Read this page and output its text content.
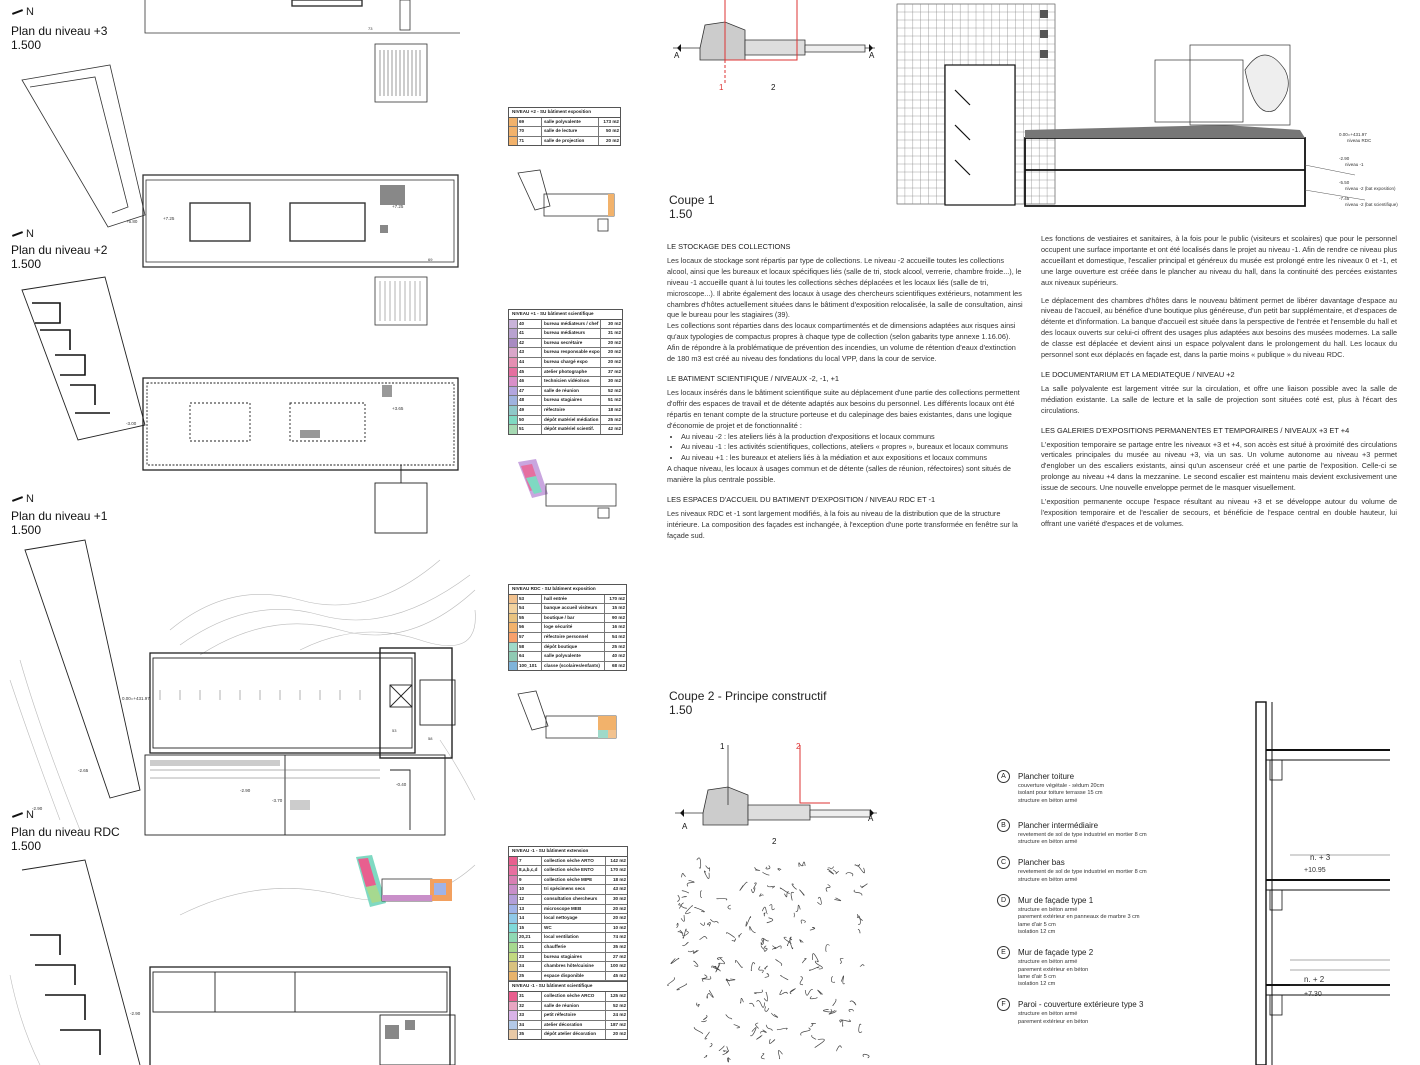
N
Plan du niveau +3
1.500
73
+7.25
+7.25
+5.80
69
N
Plan du niveau +2
1.500
+3.65
-3.00
N
Plan du niveau +1
1.500
0.00=+431.97
-2.65
-2.90
-2.90
-3.70
-0.40
53
58
N
Plan du niveau RDC
1.500
-2.90
NIVEAU +2 - SU bâtiment exposition
69	salle polyvalente	173 m2
70	salle de lecture	50 m2
71	salle de projection	20 m2
NIVEAU +1 - SU bâtiment scientifique
40	bureau médiateurs / chef	30 m2
41	bureau médiateurs	31 m2
42	bureau secrétaire	20 m2
43	bureau responsable expo	20 m2
44	bureau chargé expo	20 m2
45	atelier photographe	37 m2
46	technicien vidéo/son	30 m2
47	salle de réunion	52 m2
48	bureau stagiaires	51 m2
49	réfectoire	18 m2
50	dépôt matériel médiation	25 m2
51	dépôt matériel scientif.	42 m2
NIVEAU RDC - SU bâtiment exposition
53	hall entrée	170 m2
54	banque accueil visiteurs	15 m2
55	boutique / bar	90 m2
56	loge sécurité	16 m2
57	réfectoire personnel	54 m2
58	dépôt boutique	25 m2
64	salle polyvalente	40 m2
100_101	classe (scolaires/enfants)	68 m2
NIVEAU -1 - SU bâtiment extension
7	collection sèche ARTO	142 m2
8,a,b,c,d	collection sèche ENTO	170 m2
9	collection sèche MIPE	18 m2
10	tri spécimens secs	43 m2
12	consultation chercheurs	30 m2
13	microscope MEB	20 m2
14	local nettoyage	20 m2
15	WC	10 m2
20,21	local ventilation	74 m2
21	chaufferie	35 m2
23	bureau stagiaires	27 m2
24	chambres hôte/cuisine	100 m2
25	espace disponible	45 m2
NIVEAU -1 - SU bâtiment scientifique
31	collection sèche ARCO	125 m2
32	salle de réunion	52 m2
33	petit réfectoire	24 m2
34	atelier décoration	187 m2
35	dépôt atelier décoration	20 m2
A	A
1	2
0.00=+431.97
niveau RDC
-2.90
niveau -1
-5.50
niveau -2 (bat exposition)
-7.45
niveau -2 (bat scientifique)
Coupe 1
1.50
LE STOCKAGE DES COLLECTIONS

Les locaux de stockage sont répartis par type de collections. Le niveau -2 accueille toutes les collections alcool, ainsi que les bureaux et locaux spécifiques liés (salle de tri, stock alcool, verrerie, chambre froide...), le niveau -1 accueille quant à lui toutes les collections sèches déplacées et les locaux liés (salle de tri, microscope...). Il abrite également des locaux à usage des chercheurs scientifiques extérieurs, notamment les chambres d'hôtes actuellement situées dans le bâtiment d'exposition relocalisée, la salle de consultation, ainsi que le bureau pour les stagiaires (39).

Les collections sont réparties dans des locaux compartimentés et de dimensions adaptées aux risques ainsi qu'aux typologies de compactus propres à chaque type de collection (selon gabarits type annexe 1.16.06). Afin de répondre à la problématique de prévention des incendies, un volume de rétention d'eaux d'extinction de 180 m3 est créé au niveau des fondations du local VPP, dans la cour de service.

LE BATIMENT SCIENTIFIQUE / NIVEAUX -2, -1, +1

Les locaux insérés dans le bâtiment scientifique suite au déplacement d'une partie des collections permettent d'offrir des espaces de travail et de détente adaptés aux besoins du personnel. Les différents locaux ont été répartis en tenant compte de la structure porteuse et du calepinage des baies existantes, dans une logique d'économie de projet et de fonctionnalité :

• Au niveau -2 : les ateliers liés à la production d'expositions et locaux communs
• Au niveau -1 : les activités scientifiques, collections, ateliers « propres », bureaux et locaux communs
• Au niveau +1 : les bureaux et ateliers liés à la médiation et aux expositions et locaux communs

A chaque niveau, les locaux à usages commun et de détente (salles de réunion, réfectoires) sont situés de manière la plus centrale possible.

LES ESPACES D'ACCUEIL DU BATIMENT D'EXPOSITION / NIVEAU RDC ET -1

Les niveaux RDC et -1 sont largement modifiés, à la fois au niveau de la distribution que de la structure intérieure. La composition des façades est inchangée, à l'exception d'une porte transformée en fenêtre sur la façade sud.

Les fonctions de vestiaires et sanitaires, à la fois pour le public (visiteurs et scolaires) que pour le personnel occupent une surface importante et ont été localisés dans le projet au niveau -1. Afin de rendre ce niveau plus accueillant et domestique, l'escalier principal et généreux du musée est prolongé entre les niveaux 0 et -1, et une large ouverture est créée dans le plancher au niveau du hall, dans la continuité des percées existantes aux niveaux supérieurs.

Le déplacement des chambres d'hôtes dans le nouveau bâtiment permet de libérer davantage d'espace au niveau de l'accueil, au bénéfice d'une boutique plus généreuse, d'un petit bar supplémentaire, et d'espaces de détente et d'information. La banque d'accueil est située dans la perspective de l'entrée et l'ensemble du hall et des locaux ouverts sur celui-ci offrent des usages plus adaptées aux besoins des musées modernes. La salle de classe est déplacée et devient ainsi un espace polyvalent dans le prolongement du hall. Les locaux du personnel sont eux déplacés en façade est, dans la partie moins « publique » du niveau RDC.

LE DOCUMENTARIUM ET LA MEDIATEQUE / NIVEAU +2

La salle polyvalente est largement vitrée sur la circulation, et offre une liaison possible avec la salle de médiation existante. La salle de lecture et la salle de projection sont situées coté est, plus à l'écart des circulations.

LES GALERIES D'EXPOSITIONS PERMANENTES ET TEMPORAIRES / NIVEAUX +3 ET +4

L'exposition temporaire se partage entre les niveaux +3 et +4, son accès est situé à proximité des circulations verticales principales du musée au niveau +3, via un sas. Un volume autonome au niveau +3 permet d'englober un des escaliers existants, ainsi qu'un ascenseur créé et une partie de l'exposition. Celle-ci se prolonge au niveau +4 dans la mezzanine. Le second escalier est maintenu mais devient exclusivement une issue de secours. Une nouvelle enveloppe permet de le masquer visuellement.

L'exposition permanente occupe l'espace résultant au niveau +3 et se développe autour du volume de l'exposition temporaire et de l'escalier de secours, et bénéficie de l'espace central en double hauteur, lui offrant une variété d'espaces et de volumes.

Coupe 2 - Principe constructif
1.50
A
A
1	2
2
A	Plancher toiture
couverture végétale - sédum 20cm
isolant pour toiture terrasse 15 cm
structure en béton armé
B	Plancher intermédiaire
revetement de sol de type industriel en mortier 8 cm
structure en béton armé
C	Plancher bas
revetement de sol de type industriel en mortier 8 cm
structure en béton armé
D	Mur de façade type 1
structure en béton armé
parement extérieur en panneaux de marbre 3 cm
lame d'air 5 cm
isolation 12 cm
E	Mur de façade type 2
structure en béton armé
parement extérieur en béton
lame d'air 5 cm
isolation 12 cm
F	Paroi - couverture extérieure type 3
structure en béton armé
parement extérieur en béton
n. + 3
+10.95
n. + 2
+7.30
